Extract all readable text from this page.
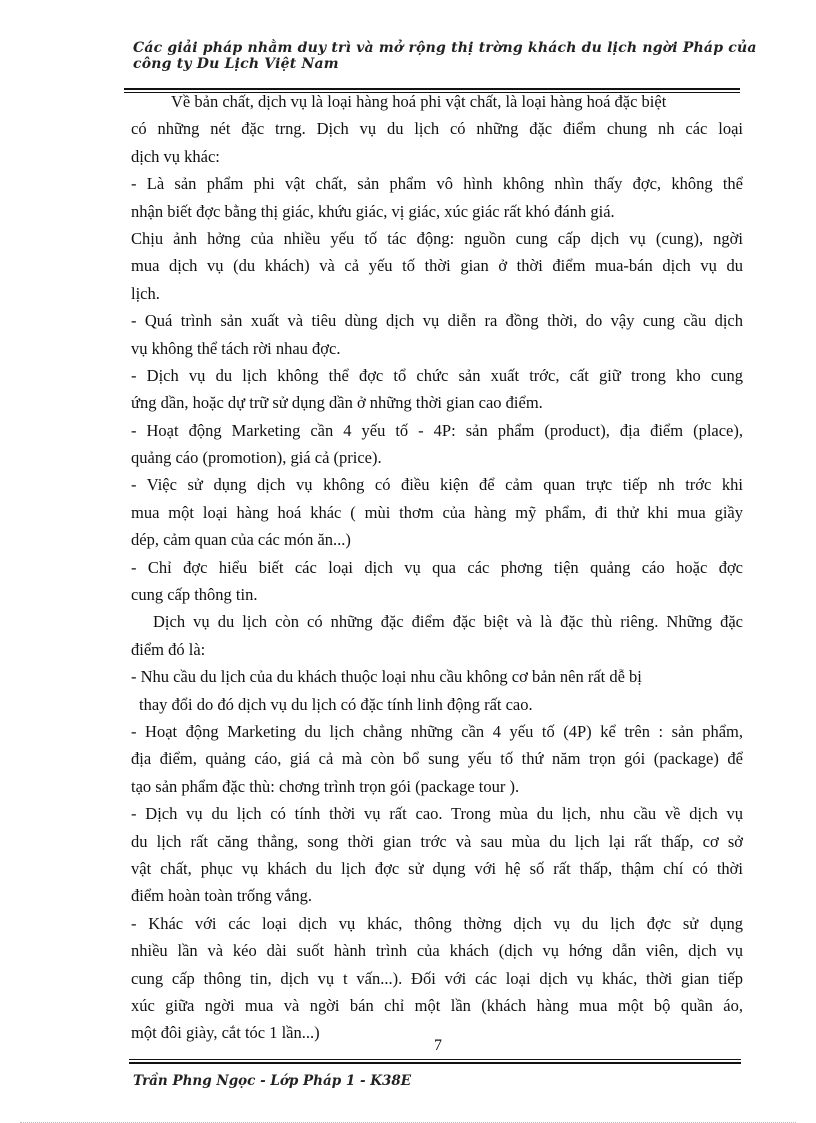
Các giải pháp nhằm duy trì và mở rộng thị trờng khách du lịch ngời Pháp của
công ty Du Lịch Việt Nam
Về bản chất, dịch vụ là loại hàng hoá phi vật chất, là loại hàng hoá đặc biệt
có những nét đặc trng. Dịch vụ du lịch có những đặc điểm chung nh các loại
dịch vụ khác:
- Là sản phẩm phi vật chất, sản phẩm vô hình không nhìn thấy đợc, không thể
nhận biết đợc bằng thị giác, khứu giác, vị giác, xúc giác rất khó đánh giá.
Chịu ảnh hởng của nhiều yếu tố tác động: nguồn cung cấp dịch vụ (cung), ngời
mua dịch vụ (du khách) và cả yếu tố thời gian ở thời điểm mua-bán dịch vụ du
lịch.
- Quá trình sản xuất và tiêu dùng dịch vụ diễn ra đồng thời, do vậy cung cầu dịch
vụ không thể tách rời nhau đợc.
- Dịch vụ du lịch không thể đợc tổ chức sản xuất trớc, cất giữ trong kho cung
ứng dần, hoặc dự trữ sử dụng dần ở những thời gian cao điểm.
- Hoạt động Marketing cần 4 yếu tố - 4P: sản phẩm (product), địa điểm (place),
quảng cáo (promotion), giá cả (price).
- Việc sử dụng dịch vụ không có điều kiện để cảm quan trực tiếp nh trớc khi
mua một loại hàng hoá khác ( mùi thơm của hàng mỹ phẩm, đi thử khi mua giầy
dép, cảm quan của các món ăn...)
- Chỉ đợc hiểu biết các loại dịch vụ qua các phơng tiện quảng cáo hoặc đợc
cung cấp thông tin.
Dịch vụ du lịch còn có những đặc điểm đặc biệt và là đặc thù riêng. Những đặc
điểm đó là:
- Nhu cầu du lịch của du khách thuộc loại nhu cầu không cơ bản nên rất dễ bị
thay đổi do đó dịch vụ du lịch có đặc tính linh động rất cao.
- Hoạt động Marketing du lịch chẳng những cần 4 yếu tố (4P) kể trên : sản phẩm,
địa điểm, quảng cáo, giá cả mà còn bổ sung yếu tố thứ năm trọn gói (package) để
tạo sản phẩm đặc thù: chơng trình trọn gói (package tour ).
- Dịch vụ du lịch có tính thời vụ rất cao. Trong mùa du lịch, nhu cầu về dịch vụ
du lịch rất căng thẳng, song thời gian trớc và sau mùa du lịch lại rất thấp, cơ sở
vật chất, phục vụ khách du lịch đợc sử dụng với hệ số rất thấp, thậm chí có thời
điểm hoàn toàn trống vắng.
- Khác với các loại dịch vụ khác, thông thờng dịch vụ du lịch đợc sử dụng
nhiều lần và kéo dài suốt hành trình của khách (dịch vụ hớng dẫn viên, dịch vụ
cung cấp thông tin, dịch vụ t vấn...). Đối với các loại dịch vụ khác, thời gian tiếp
xúc giữa ngời mua và ngời bán chỉ một lần (khách hàng mua một bộ quần áo,
một đôi giày, cắt tóc 1 lần...)
7
Trần Phng Ngọc - Lớp Pháp 1 - K38E
